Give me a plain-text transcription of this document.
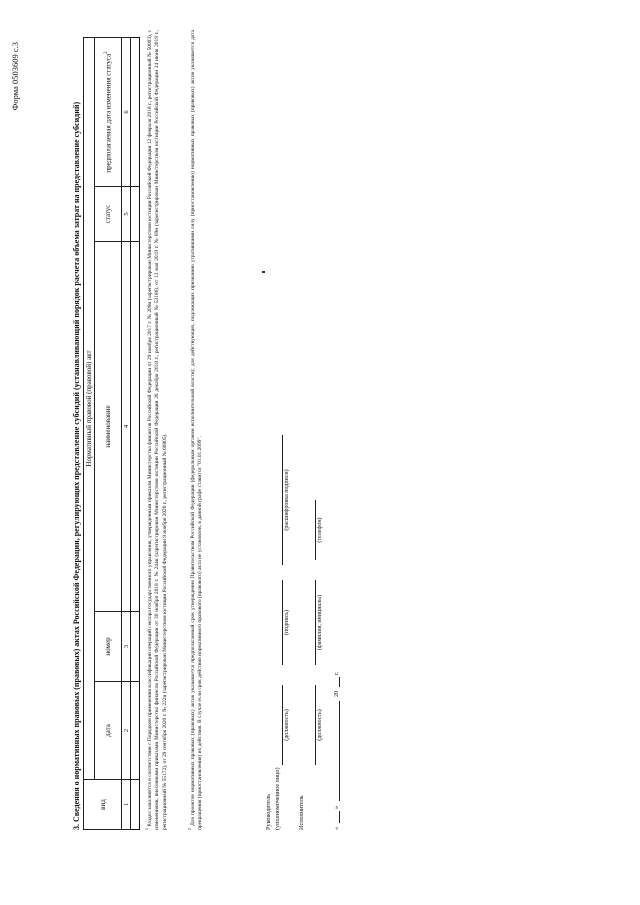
Форма 0503609 с.3
3. Сведения о нормативных правовых (правовых) актах Российской Федерации, регулирующих представление субсидий (устанавливающий порядок расчета объема затрат на представление субсидий)	вид	Нормативный правовой (правовой) акт				
	дата	номер	наименование	статус	предполагаемая дата изменения статуса$^2$
1	2	3	4	5	6

$^1$ Раздел заполняется в соответствии с Порядком применения классификации операций сектора государственного управления, утвержденным приказом Министерства финансов Российской Федерации от 29 ноября 2017 г. № 209н (зарегистрирован Министерством юстиции Российской Федерации 12 февраля 2018 г., регистрационный № 50003), с изменениями, внесенными приказами Министерства финансов Российской Федерации от 30 ноября 2018 г. № 244н (зарегистрирован Министерством юстиции Российской Федерации 26 декабря 2018 г., регистрационный № 53186), от 13 мая 2019 г. № 69н (зарегистрирован Министерством юстиции Российской Федерации 24 июня 2019 г., регистрационный № 55172), от 29 сентября 2020 г. № 222н (зарегистрирован Министерством юстиции Российской Федерации 9 ноября 2020 г., регистрационный № 60805).	$^2$ Для проектов нормативных правовых (правовых) актов указывается предполагаемый срок утверждения Правительством Российской Федерации (федеральным органом исполнительной власти); для действующих, подлежащих признанию утратившими силу (приостановлению) нормативных правовых (правовых) актов указывается дата прекращения (приостановления) их действия. В случае если срок действия нормативного правового (правового) акта не установлен, в данной графе ставится "01.01.2099".	Руководитель (уполномоченное лицо)
(должность)
(подпись)
(расшифровка подписи)
Исполнитель
(должность)
(фамилия, инициалы)
(телефон)
«
»
20
г.
